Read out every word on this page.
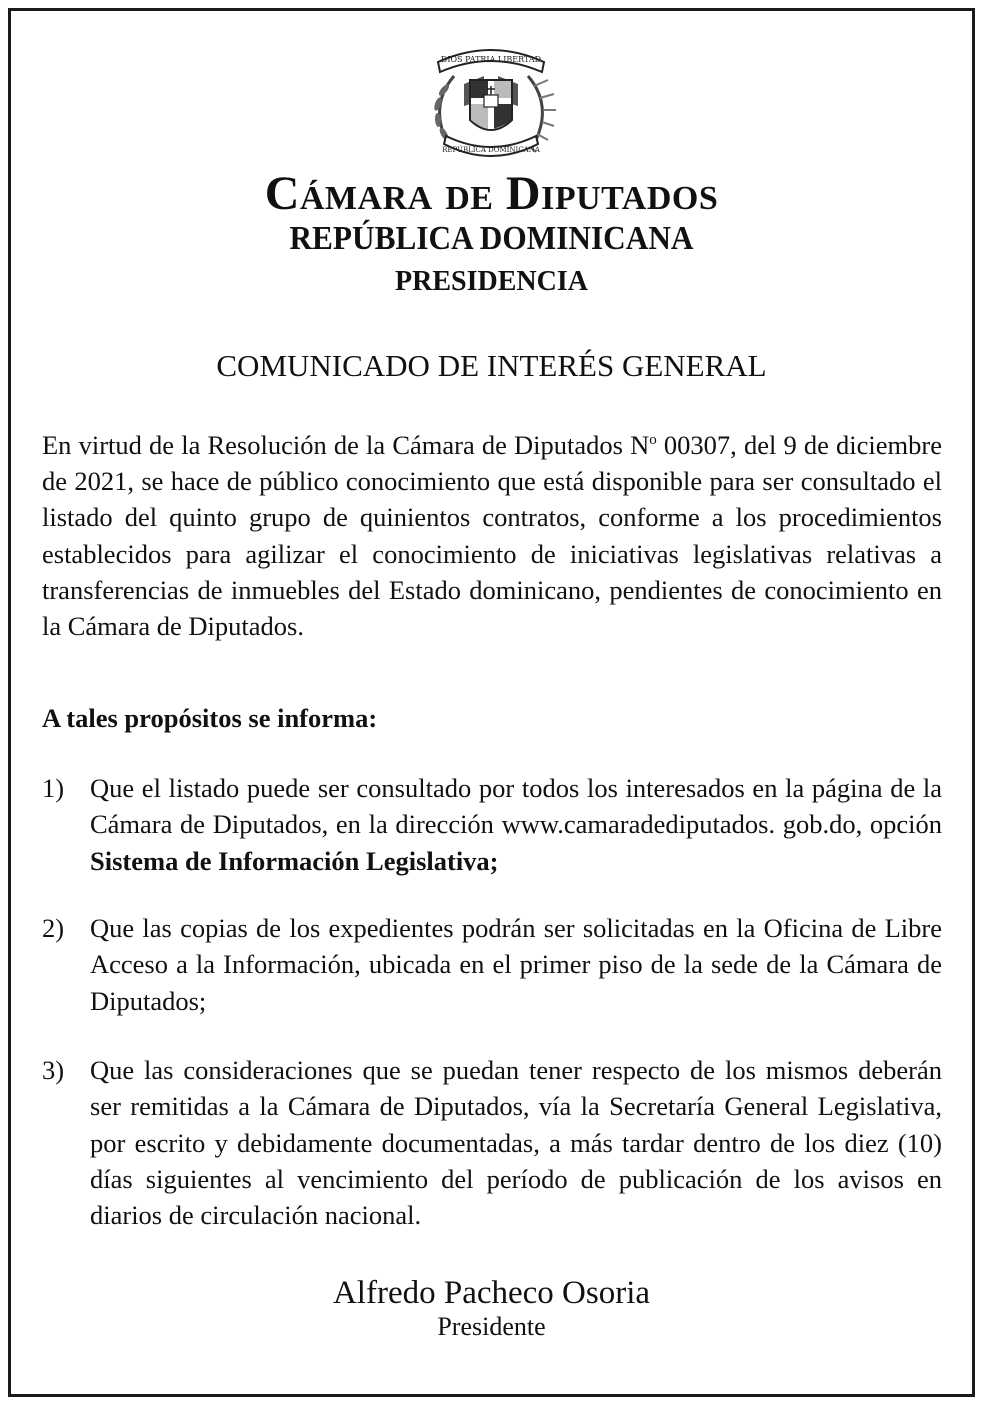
DIOS PATRIA LIBERTAD
REPÚBLICA DOMINICANA
Cámara de Diputados
REPÚBLICA DOMINICANA
PRESIDENCIA
COMUNICADO DE INTERÉS GENERAL

En virtud de la Resolución de la Cámara de Diputados $N^o$ 00307, del 9 de diciembre de 2021, se hace de público conocimiento que está disponible para ser consultado el listado del quinto grupo de quinientos contratos, conforme a los procedimientos establecidos para agilizar el conocimiento de iniciativas legislativas relativas a transferencias de inmuebles del Estado dominicano, pendientes de conocimiento en la Cámara de Diputados.

A tales propósitos se informa:

1) Que el listado puede ser consultado por todos los interesados en la página de la Cámara de Diputados, en la dirección www.camaradediputados. gob.do, opción Sistema de Información Legislativa;
2) Que las copias de los expedientes podrán ser solicitadas en la Oficina de Libre Acceso a la Información, ubicada en el primer piso de la sede de la Cámara de Diputados;
3) Que las consideraciones que se puedan tener respecto de los mismos deberán ser remitidas a la Cámara de Diputados, vía la Secretaría General Legislativa, por escrito y debidamente documentadas, a más tardar dentro de los diez (10) días siguientes al vencimiento del período de publicación de los avisos en diarios de circulación nacional.
Alfredo Pacheco Osoria
Presidente
